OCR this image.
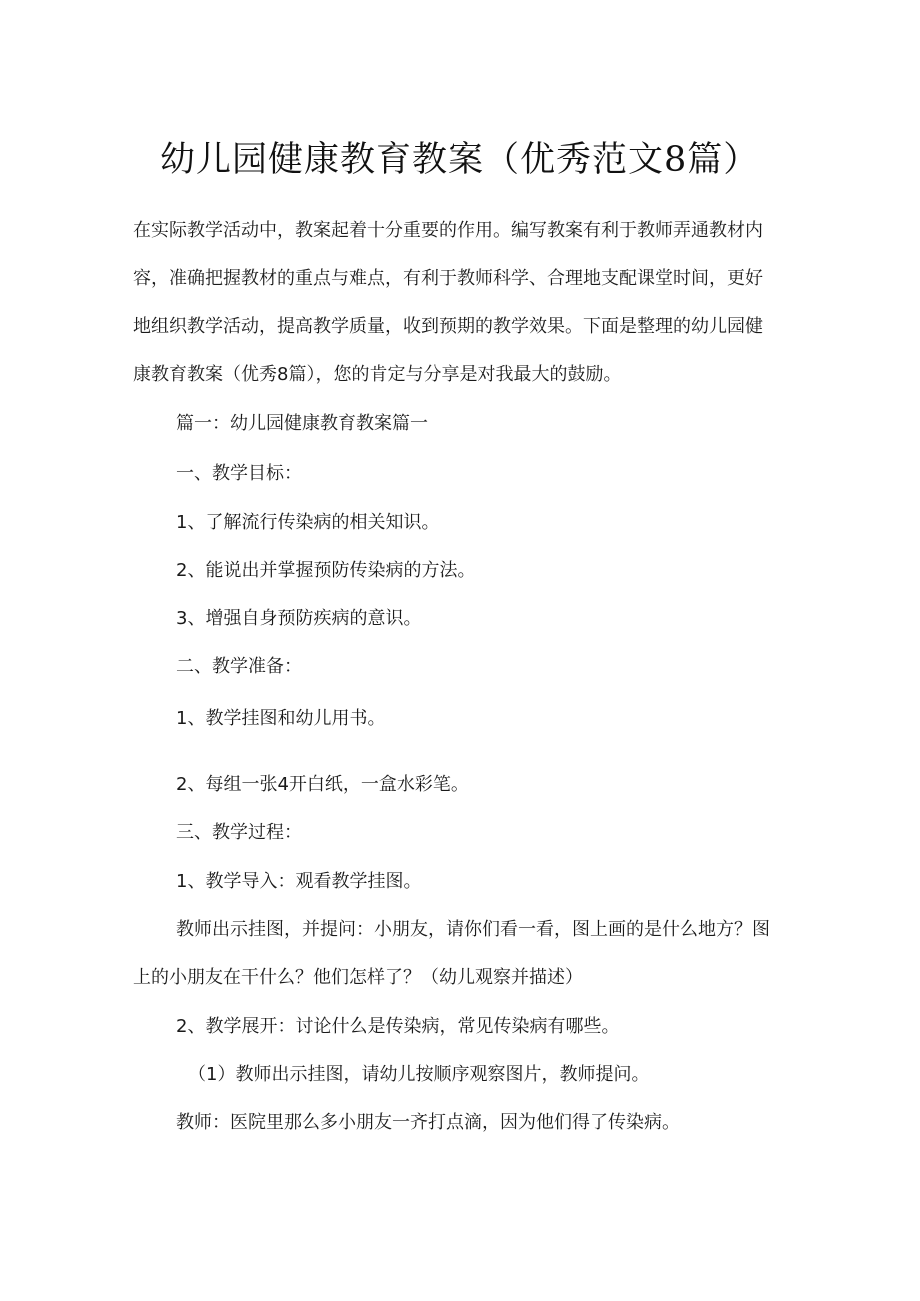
幼儿园健康教育教案（优秀范文8篇）
在实际教学活动中，教案起着十分重要的作用。编写教案有利于教师弄通教材内
容，准确把握教材的重点与难点，有利于教师科学、合理地支配课堂时间，更好
地组织教学活动，提高教学质量，收到预期的教学效果。下面是整理的幼儿园健
康教育教案（优秀8篇），您的肯定与分享是对我最大的鼓励。
篇一：幼儿园健康教育教案篇一
一、教学目标：
1、了解流行传染病的相关知识。
2、能说出并掌握预防传染病的方法。
3、增强自身预防疾病的意识。
二、教学准备：
1、教学挂图和幼儿用书。
2、每组一张4开白纸，一盒水彩笔。
三、教学过程：
1、教学导入：观看教学挂图。
教师出示挂图，并提问：小朋友，请你们看一看，图上画的是什么地方？图
上的小朋友在干什么？他们怎样了？（幼儿观察并描述）
2、教学展开：讨论什么是传染病，常见传染病有哪些。
（1）教师出示挂图，请幼儿按顺序观察图片，教师提问。
教师：医院里那么多小朋友一齐打点滴，因为他们得了传染病。
